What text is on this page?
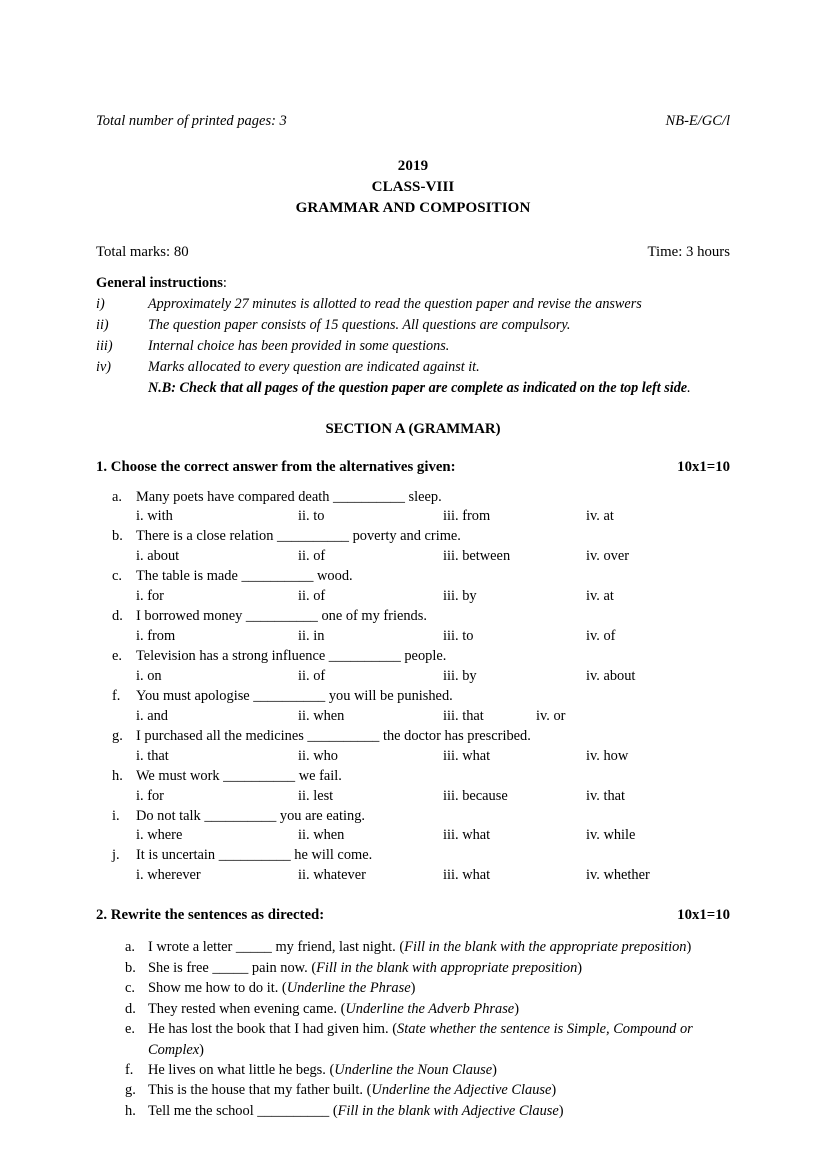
Total number of printed pages: 3	NB-E/GC/l
2019
CLASS-VIII
GRAMMAR AND COMPOSITION
Total marks: 80	Time: 3 hours
General instructions:
i)	Approximately 27 minutes is allotted to read the question paper and revise the answers
ii)	The question paper consists of 15 questions. All questions are compulsory.
iii)	Internal choice has been provided in some questions.
iv)	Marks allocated to every question are indicated against it.
N.B: Check that all pages of the question paper are complete as indicated on the top left side.
SECTION A (GRAMMAR)
1. Choose the correct answer from the alternatives given:	10x1=10
a. Many poets have compared death __________ sleep.
i. with	ii. to	iii. from	iv. at
b. There is a close relation __________ poverty and crime.
i. about	ii. of	iii. between	iv. over
c. The table is made __________ wood.
i. for	ii. of	iii. by	iv. at
d. I borrowed money __________ one of my friends.
i. from	ii. in	iii. to	iv. of
e. Television has a strong influence __________ people.
i. on	ii. of	iii. by	iv. about
f.	You must apologise __________ you will be punished.
i. and	ii. when	iii. that	iv. or
g. I purchased all the medicines __________ the doctor has prescribed.
i. that	ii. who	iii. what	iv. how
h. We must work __________ we fail.
i. for	ii. lest	iii. because	iv. that
i.	Do not talk __________ you are eating.
i. where	ii. when	iii. what	iv. while
j.	It is uncertain __________ he will come.
i. wherever	ii. whatever	iii. what	iv. whether
2. Rewrite the sentences as directed:	10x1=10
a. I wrote a letter _____ my friend, last night. (Fill in the blank with the appropriate preposition)
b. She is free _____ pain now. (Fill in the blank with appropriate preposition)
c. Show me how to do it. (Underline the Phrase)
d. They rested when evening came. (Underline the Adverb Phrase)
e. He has lost the book that I had given him. (State whether the sentence is Simple, Compound or Complex)
f.	He lives on what little he begs. (Underline the Noun Clause)
g. This is the house that my father built. (Underline the Adjective Clause)
h. Tell me the school __________ (Fill in the blank with Adjective Clause)
